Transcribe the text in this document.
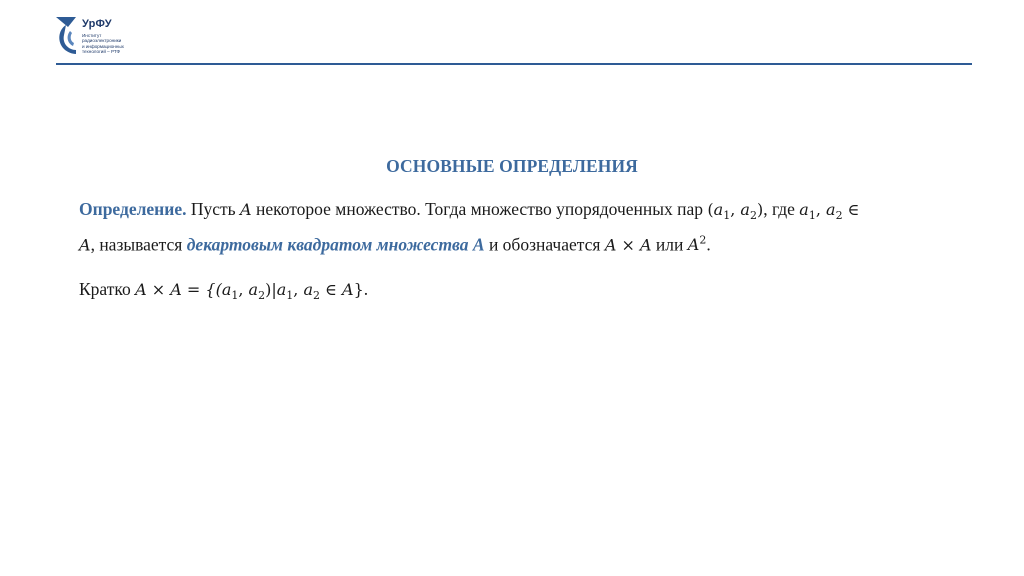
УрФУ
Институт
радиоэлектроники
и информационных
технологий – РТФ
ОСНОВНЫЕ ОПРЕДЕЛЕНИЯ
Определение. Пусть A некоторое множество. Тогда множество упорядоченных пар ($a_1$, $a_2$), где $a_1$, $a_2$ ∈
A, называется декартовым квадратом множества A и обозначается A × A или $A^2$.
Кратко $A \times A = \{(a_1$, $a_2)|a_1$, $a_2$ ∈ A}.
